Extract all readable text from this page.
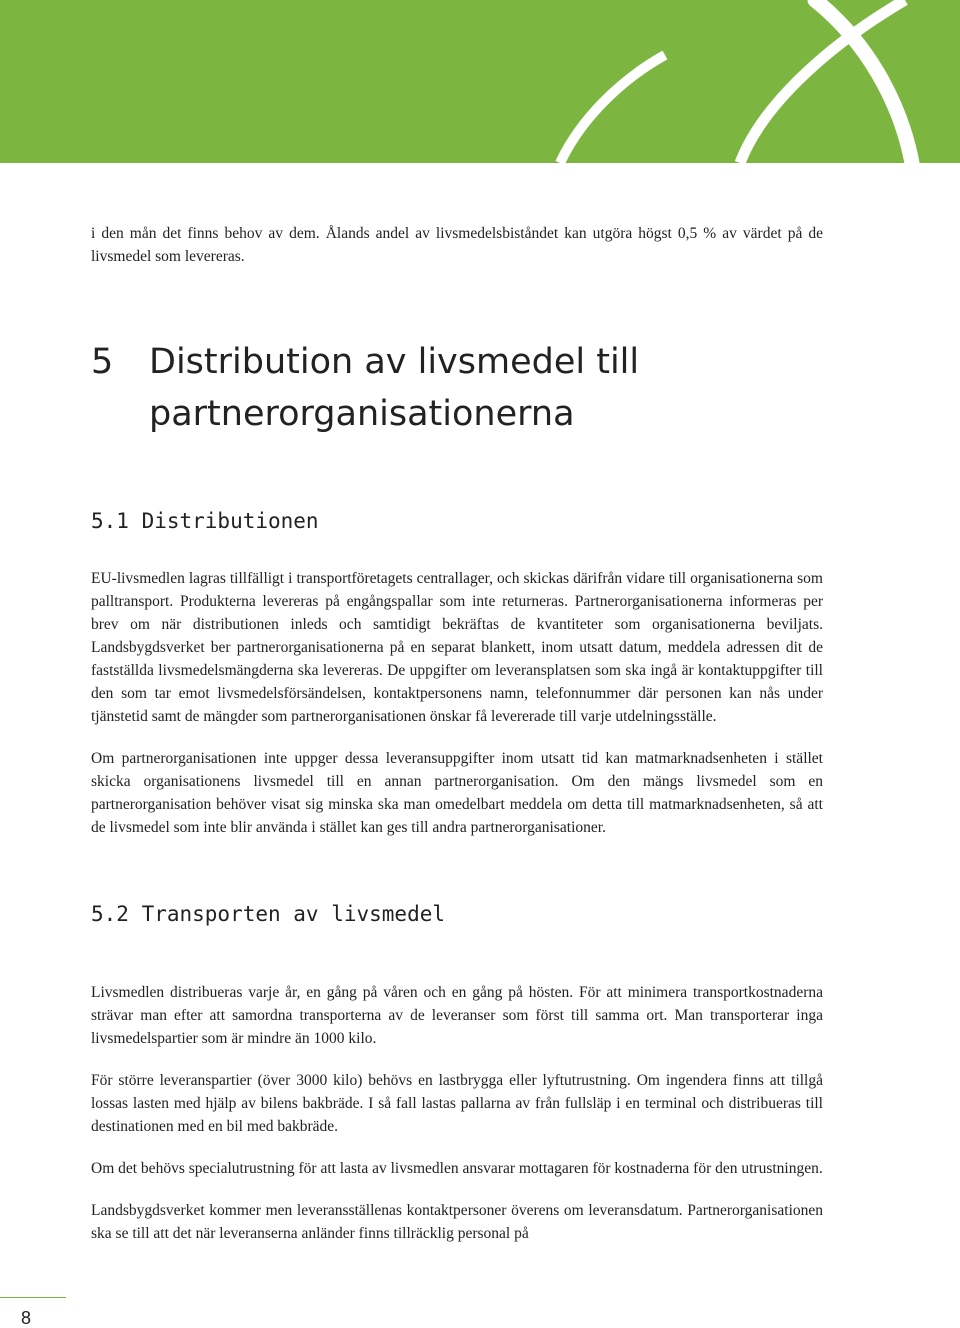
i den mån det finns behov av dem. Ålands andel av livsmedelsbiståndet kan utgöra högst 0,5 % av värdet på de livsmedel som levereras.

5	Distribution av livsmedel till partnerorganisationerna
5.1 Distributionen

EU-livsmedlen lagras tillfälligt i transportföretagets centrallager, och skickas därifrån vidare till organisationerna som palltransport. Produkterna levereras på engångspallar som inte returneras. Partnerorganisationerna informeras per brev om när distributionen inleds och samtidigt bekräftas de kvantiteter som organisationerna beviljats. Landsbygdsverket ber partnerorganisationerna på en separat blankett, inom utsatt datum, meddela adressen dit de fastställda livsmedelsmängderna ska levereras. De uppgifter om leveransplatsen som ska ingå är kontaktuppgifter till den som tar emot livsmedelsförsändelsen, kontaktpersonens namn, telefonnummer där personen kan nås under tjänstetid samt de mängder som partnerorganisationen önskar få levererade till varje utdelningsställe.

Om partnerorganisationen inte uppger dessa leveransuppgifter inom utsatt tid kan matmarknadsenheten i stället skicka organisationens livsmedel till en annan partnerorganisation. Om den mängs livsmedel som en partnerorganisation behöver visat sig minska ska man omedelbart meddela om detta till matmarknadsenheten, så att de livsmedel som inte blir använda i stället kan ges till andra partnerorganisationer.

5.2 Transporten av livsmedel

Livsmedlen distribueras varje år, en gång på våren och en gång på hösten. För att minimera transportkostnaderna strävar man efter att samordna transporterna av de leveranser som först till samma ort. Man transporterar inga livsmedelspartier som är mindre än 1000 kilo.

För större leveranspartier (över 3000 kilo) behövs en lastbrygga eller lyftutrustning. Om ingendera finns att tillgå lossas lasten med hjälp av bilens bakbräde. I så fall lastas pallarna av från fullsläp i en terminal och distribueras till destinationen med en bil med bakbräde.

Om det behövs specialutrustning för att lasta av livsmedlen ansvarar mottagaren för kostnaderna för den utrustningen.

Landsbygdsverket kommer men leveransställenas kontaktpersoner överens om leveransdatum. Partnerorganisationen ska se till att det när leveranserna anländer finns tillräcklig personal på

8
